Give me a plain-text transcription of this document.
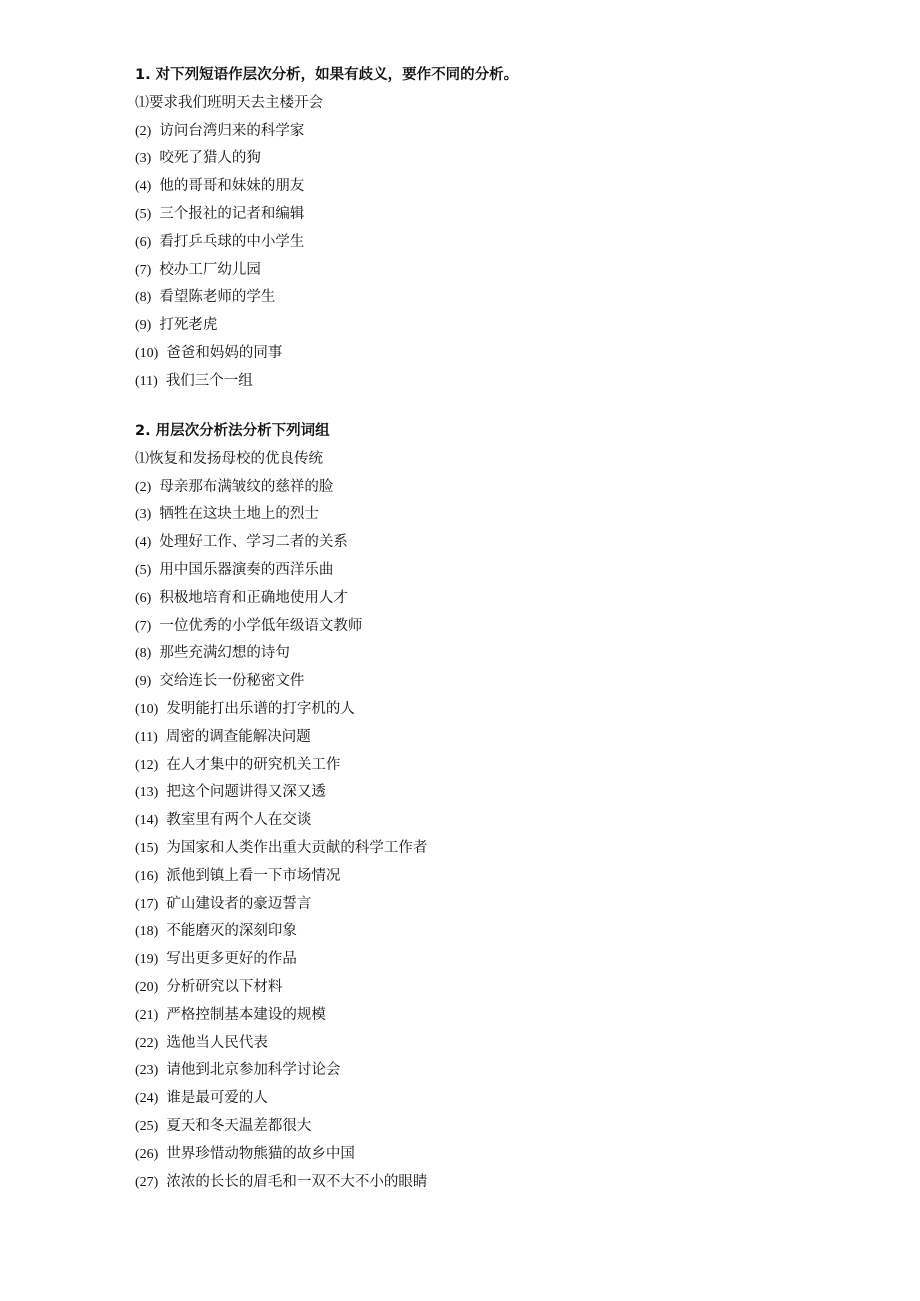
1. 对下列短语作层次分析，如果有歧义，要作不同的分析。
⑴要求我们班明天去主楼开会
(2) 访问台湾归来的科学家
(3) 咬死了猎人的狗
(4) 他的哥哥和妹妹的朋友
(5) 三个报社的记者和编辑
(6) 看打乒乓球的中小学生
(7) 校办工厂幼儿园
(8) 看望陈老师的学生
(9) 打死老虎
(10) 爸爸和妈妈的同事
(11) 我们三个一组
2. 用层次分析法分析下列词组
⑴恢复和发扬母校的优良传统
(2) 母亲那布满皱纹的慈祥的脸
(3) 牺牲在这块土地上的烈士
(4) 处理好工作、学习二者的关系
(5) 用中国乐器演奏的西洋乐曲
(6) 积极地培育和正确地使用人才
(7) 一位优秀的小学低年级语文教师
(8) 那些充满幻想的诗句
(9) 交给连长一份秘密文件
(10) 发明能打出乐谱的打字机的人
(11) 周密的调查能解决问题
(12) 在人才集中的研究机关工作
(13) 把这个问题讲得又深又透
(14) 教室里有两个人在交谈
(15) 为国家和人类作出重大贡献的科学工作者
(16) 派他到镇上看一下市场情况
(17) 矿山建设者的豪迈誓言
(18) 不能磨灭的深刻印象
(19) 写出更多更好的作品
(20) 分析研究以下材料
(21) 严格控制基本建设的规模
(22) 选他当人民代表
(23) 请他到北京参加科学讨论会
(24) 谁是最可爱的人
(25) 夏天和冬天温差都很大
(26) 世界珍惜动物熊猫的故乡中国
(27) 浓浓的长长的眉毛和一双不大不小的眼睛
